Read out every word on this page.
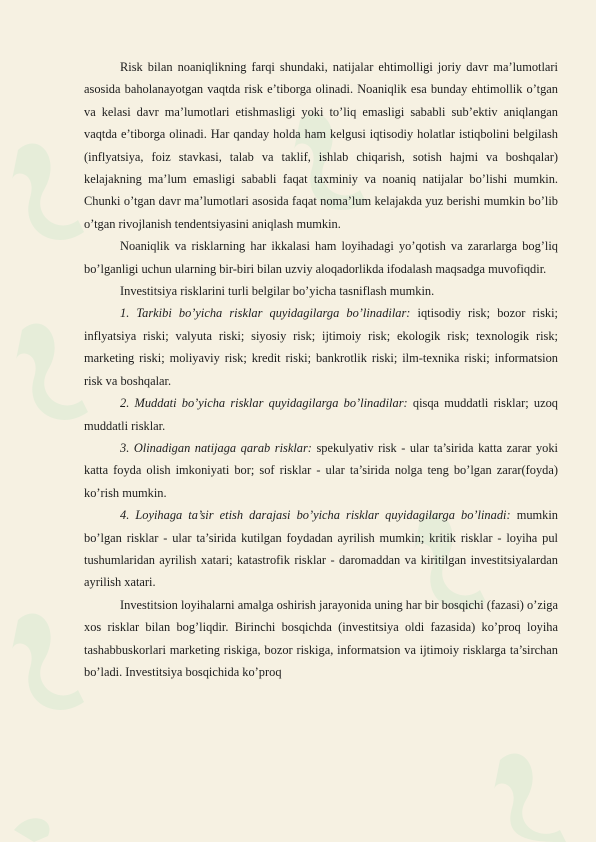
Risk bilan noaniqlikning farqi shundaki, natijalar ehtimolligi joriy davr ma’lumotlari asosida baholanayotgan vaqtda risk e’tiborga olinadi. Noaniqlik esa bunday ehtimollik o’tgan va kelasi davr ma’lumotlari etishmasligi yoki to’liq emasligi sababli sub’ektiv aniqlangan vaqtda e’tiborga olinadi. Har qanday holda ham kelgusi iqtisodiy holatlar istiqbolini belgilash (inflyatsiya, foiz stavkasi, talab va taklif, ishlab chiqarish, sotish hajmi va boshqalar) kelajakning ma’lum emasligi sababli faqat taxminiy va noaniq natijalar bo’lishi mumkin. Chunki o’tgan davr ma’lumotlari asosida faqat noma’lum kelajakda yuz berishi mumkin bo’lib o’tgan rivojlanish tendentsiyasini aniqlash mumkin.

Noaniqlik va risklarning har ikkalasi ham loyihadagi yo’qotish va zararlarga bog’liq bo’lganligi uchun ularning bir-biri bilan uzviy aloqadorlikda ifodalash maqsadga muvofiqdir.

Investitsiya risklarini turli belgilar bo’yicha tasniflash mumkin.

1. Tarkibi bo’yicha risklar quyidagilarga bo’linadilar: iqtisodiy risk; bozor riski; inflyatsiya riski; valyuta riski; siyosiy risk; ijtimoiy risk; ekologik risk; texnologik risk; marketing riski; moliyaviy risk; kredit riski; bankrotlik riski; ilm-texnika riski; informatsion risk va boshqalar.

2. Muddati bo’yicha risklar quyidagilarga bo’linadilar: qisqa muddatli risklar; uzoq muddatli risklar.

3. Olinadigan natijaga qarab risklar: spekulyativ risk - ular ta’sirida katta zarar yoki katta foyda olish imkoniyati bor; sof risklar - ular ta’sirida nolga teng bo’lgan zarar(foyda) ko’rish mumkin.

4. Loyihaga ta’sir etish darajasi bo’yicha risklar quyidagilarga bo’linadi: mumkin bo’lgan risklar - ular ta’sirida kutilgan foydadan ayrilish mumkin; kritik risklar - loyiha pul tushumlaridan ayrilish xatari; katastrofik risklar - daromaddan va kiritilgan investitsiyalardan ayrilish xatari.

Investitsion loyihalarni amalga oshirish jarayonida uning har bir bosqichi (fazasi) o’ziga xos risklar bilan bog’liqdir. Birinchi bosqichda (investitsiya oldi fazasida) ko’proq loyiha tashabbuskorlari marketing riskiga, bozor riskiga, informatsion va ijtimoiy risklarga ta’sirchan bo’ladi. Investitsiya bosqichida ko’proq
